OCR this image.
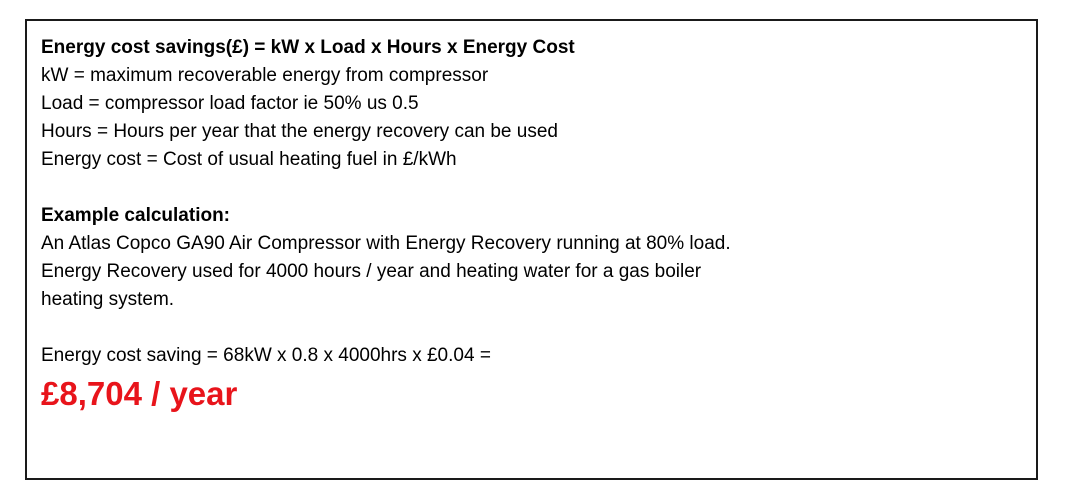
Energy cost savings(£) = kW x Load x Hours x Energy Cost
kW = maximum recoverable energy from compressor
Load = compressor load factor ie 50% us 0.5
Hours = Hours per year that the energy recovery can be used
Energy cost = Cost of usual heating fuel in £/kWh
Example calculation:
An Atlas Copco GA90 Air Compressor with Energy Recovery running at 80% load.
Energy Recovery used for 4000 hours / year and heating water for a gas boiler
heating system.
Energy cost saving = 68kW x 0.8 x 4000hrs x £0.04 =
£8,704 / year
